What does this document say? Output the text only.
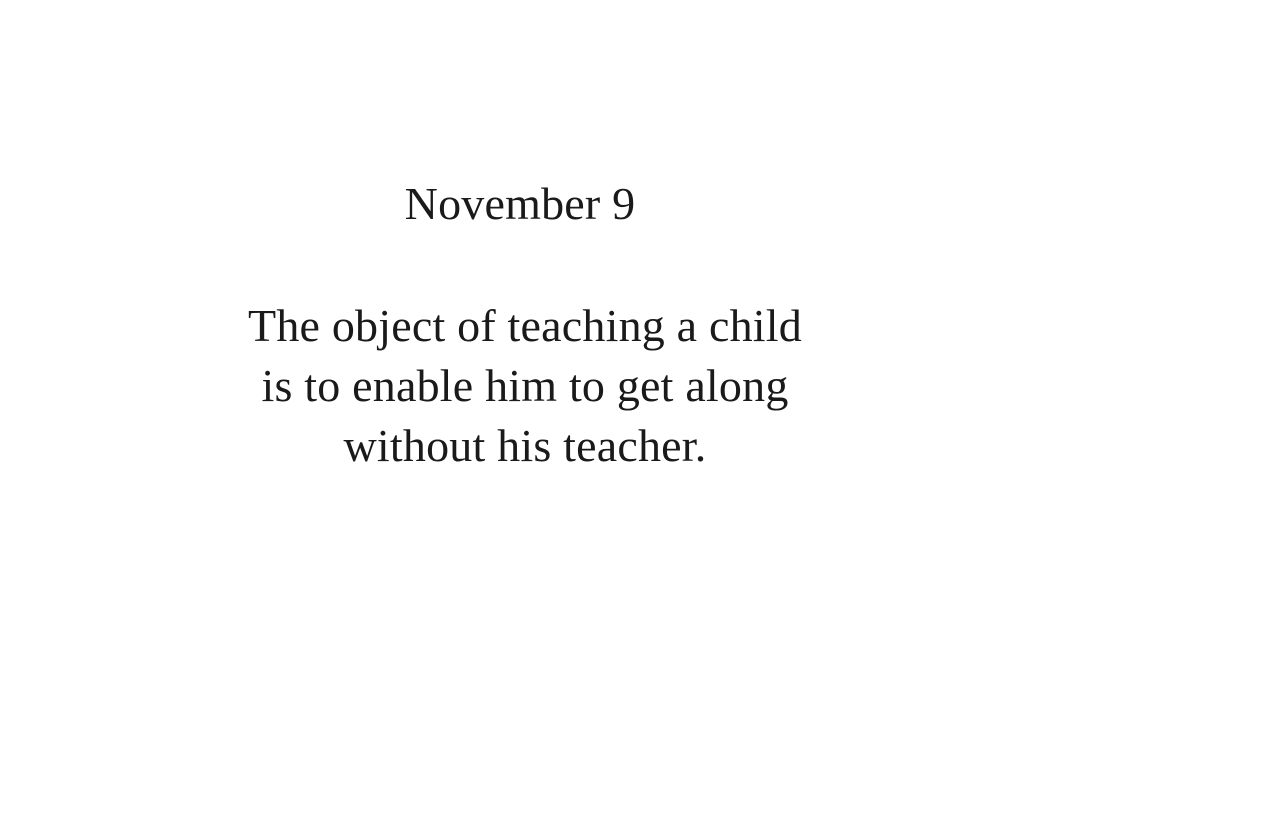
November 9
The object of teaching a child
is to enable him to get along
without his teacher.
